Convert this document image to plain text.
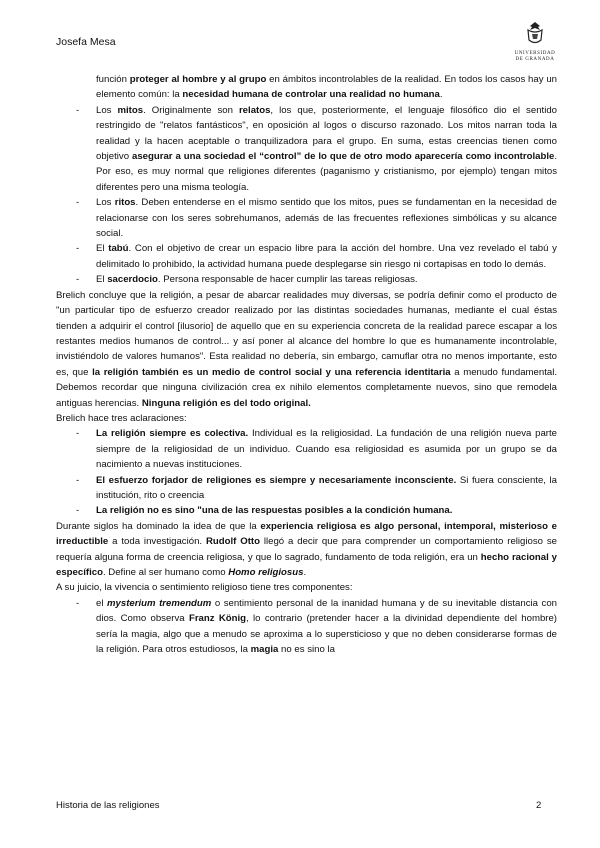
Josefa Mesa
UNIVERSIDAD
DE GRANADA

función proteger al hombre y al grupo en ámbitos incontrolables de la realidad. En todos los casos hay un elemento común: la necesidad humana de controlar una realidad no humana.

- Los mitos. Originalmente son relatos, los que, posteriormente, el lenguaje filosófico dio el sentido restringido de "relatos fantásticos", en oposición al logos o discurso razonado. Los mitos narran toda la realidad y la hacen aceptable o tranquilizadora para el grupo. En suma, estas creencias tienen como objetivo asegurar a una sociedad el “control” de lo que de otro modo aparecería como incontrolable. Por eso, es muy normal que religiones diferentes (paganismo y cristianismo, por ejemplo) tengan mitos diferentes pero una misma teología.

- Los ritos. Deben entenderse en el mismo sentido que los mitos, pues se fundamentan en la necesidad de relacionarse con los seres sobrehumanos, además de las frecuentes reflexiones simbólicas y su alcance social.

- El tabú. Con el objetivo de crear un espacio libre para la acción del hombre. Una vez revelado el tabú y delimitado lo prohibido, la actividad humana puede desplegarse sin riesgo ni cortapisas en todo lo demás.

- El sacerdocio. Persona responsable de hacer cumplir las tareas religiosas.

Brelich concluye que la religión, a pesar de abarcar realidades muy diversas, se podría definir como el producto de "un particular tipo de esfuerzo creador realizado por las distintas sociedades humanas, mediante el cual éstas tienden a adquirir el control [ilusorio] de aquello que en su experiencia concreta de la realidad parece escapar a los restantes medios humanos de control... y así poner al alcance del hombre lo que es humanamente incontrolable, invistiéndolo de valores humanos". Esta realidad no debería, sin embargo, camuflar otra no menos importante, esto es, que la religión también es un medio de control social y una referencia identitaria a menudo fundamental. Debemos recordar que ninguna civilización crea ex nihilo elementos completamente nuevos, sino que remodela antiguas herencias. Ninguna religión es del todo original.

Brelich hace tres aclaraciones:

- La religión siempre es colectiva. Individual es la religiosidad. La fundación de una religión nueva parte siempre de la religiosidad de un individuo. Cuando esa religiosidad es asumida por un grupo se da nacimiento a nuevas instituciones.

- El esfuerzo forjador de religiones es siempre y necesariamente inconsciente. Si fuera consciente, la institución, rito o creencia

- La religión no es sino "una de las respuestas posibles a la condición humana.

Durante siglos ha dominado la idea de que la experiencia religiosa es algo personal, intemporal, misterioso e irreductible a toda investigación. Rudolf Otto llegó a decir que para comprender un comportamiento religioso se requería alguna forma de creencia religiosa, y que lo sagrado, fundamento de toda religión, era un hecho racional y específico. Define al ser humano como Homo religiosus.

A su juicio, la vivencia o sentimiento religioso tiene tres componentes:

- el mysterium tremendum o sentimiento personal de la inanidad humana y de su inevitable distancia con dios. Como observa Franz König, lo contrario (pretender hacer a la divinidad dependiente del hombre) sería la magia, algo que a menudo se aproxima a lo supersticioso y que no deben considerarse formas de la religión. Para otros estudiosos, la magia no es sino la

Historia de las religiones	2
